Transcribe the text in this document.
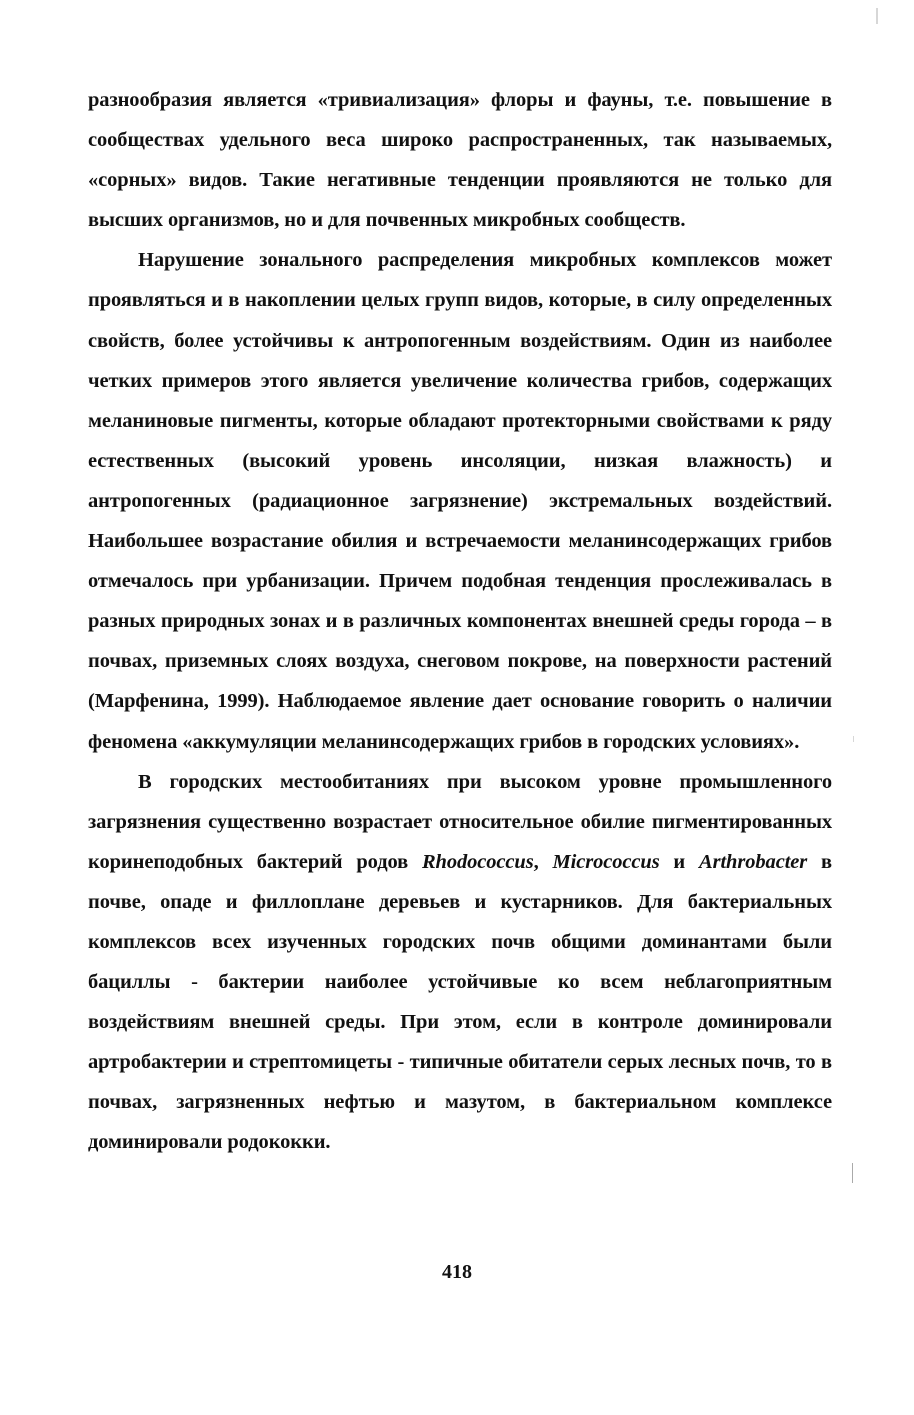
разнообразия является «тривиализация» флоры и фауны, т.е. повышение в сообществах удельного веса широко распространенных, так называемых, «сорных» видов. Такие негативные тенденции проявляются не только для высших организмов, но и для почвенных микробных сообществ.

Нарушение зонального распределения микробных комплексов может проявляться и в накоплении целых групп видов, которые, в силу определенных свойств, более устойчивы к антропогенным воздействиям. Один из наиболее четких примеров этого является увеличение количества грибов, содержащих меланиновые пигменты, которые обладают протекторными свойствами к ряду естественных (высокий уровень инсоляции, низкая влажность) и антропогенных (радиационное загрязнение) экстремальных воздействий. Наибольшее возрастание обилия и встречаемости меланинсодержащих грибов отмечалось при урбанизации. Причем подобная тенденция прослеживалась в разных природных зонах и в различных компонентах внешней среды города – в почвах, приземных слоях воздуха, снеговом покрове, на поверхности растений (Марфенина, 1999). Наблюдаемое явление дает основание говорить о наличии феномена «аккумуляции меланинсодержащих грибов в городских условиях».

В городских местообитаниях при высоком уровне промышленного загрязнения существенно возрастает относительное обилие пигментированных коринеподобных бактерий родов Rhodococcus, Micrococcus и Arthrobacter в почве, опаде и филлоплане деревьев и кустарников. Для бактериальных комплексов всех изученных городских почв общими доминантами были бациллы - бактерии наиболее устойчивые ко всем неблагоприятным воздействиям внешней среды. При этом, если в контроле доминировали артробактерии и стрептомицеты - типичные обитатели серых лесных почв, то в почвах, загрязненных нефтью и мазутом, в бактериальном комплексе доминировали родококки.

418
